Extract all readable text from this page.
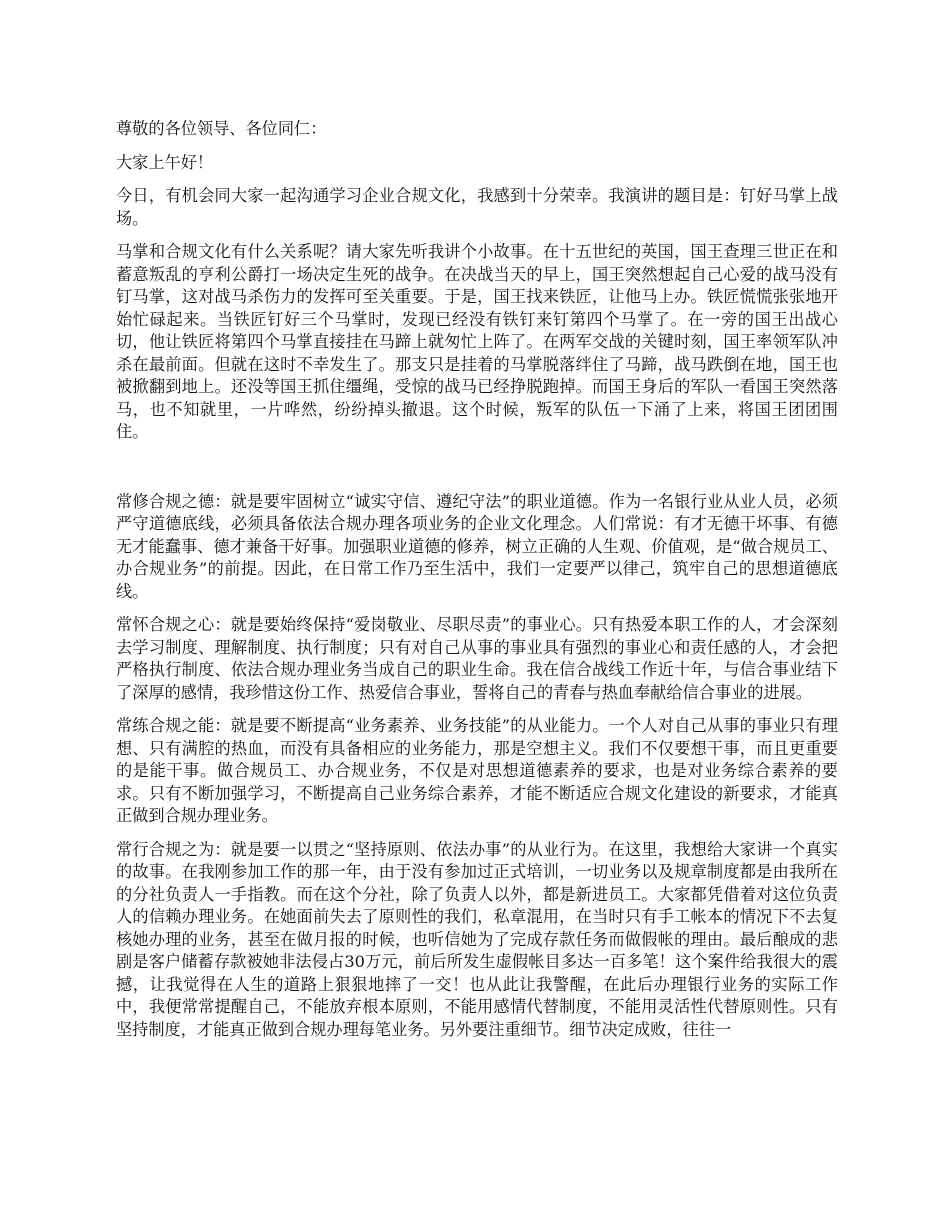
尊敬的各位领导、各位同仁：

大家上午好！

今日，有机会同大家一起沟通学习企业合规文化，我感到十分荣幸。我演讲的题目是：钉好马掌上战场。

马掌和合规文化有什么关系呢？请大家先听我讲个小故事。在十五世纪的英国，国王查理三世正在和蓄意叛乱的亨利公爵打一场决定生死的战争。在决战当天的早上，国王突然想起自己心爱的战马没有钉马掌，这对战马杀伤力的发挥可至关重要。于是，国王找来铁匠，让他马上办。铁匠慌慌张张地开始忙碌起来。当铁匠钉好三个马掌时，发现已经没有铁钉来钉第四个马掌了。在一旁的国王出战心切，他让铁匠将第四个马掌直接挂在马蹄上就匆忙上阵了。在两军交战的关键时刻，国王率领军队冲杀在最前面。但就在这时不幸发生了。那支只是挂着的马掌脱落绊住了马蹄，战马跌倒在地，国王也被掀翻到地上。还没等国王抓住缰绳，受惊的战马已经挣脱跑掉。而国王身后的军队一看国王突然落马，也不知就里，一片哗然，纷纷掉头撤退。这个时候，叛军的队伍一下涌了上来，将国王团团围住。

常修合规之德：就是要牢固树立“诚实守信、遵纪守法”的职业道德。作为一名银行业从业人员，必须严守道德底线，必须具备依法合规办理各项业务的企业文化理念。人们常说：有才无德干坏事、有德无才能蠢事、德才兼备干好事。加强职业道德的修养，树立正确的人生观、价值观，是“做合规员工、办合规业务”的前提。因此，在日常工作乃至生活中，我们一定要严以律己，筑牢自己的思想道德底线。

常怀合规之心：就是要始终保持“爱岗敬业、尽职尽责”的事业心。只有热爱本职工作的人，才会深刻去学习制度、理解制度、执行制度；只有对自己从事的事业具有强烈的事业心和责任感的人，才会把严格执行制度、依法合规办理业务当成自己的职业生命。我在信合战线工作近十年，与信合事业结下了深厚的感情，我珍惜这份工作、热爱信合事业，誓将自己的青春与热血奉献给信合事业的进展。

常练合规之能：就是要不断提高“业务素养、业务技能”的从业能力。一个人对自己从事的事业只有理想、只有满腔的热血，而没有具备相应的业务能力，那是空想主义。我们不仅要想干事，而且更重要的是能干事。做合规员工、办合规业务，不仅是对思想道德素养的要求，也是对业务综合素养的要求。只有不断加强学习，不断提高自己业务综合素养，才能不断适应合规文化建设的新要求，才能真正做到合规办理业务。

常行合规之为：就是要一以贯之“坚持原则、依法办事”的从业行为。在这里，我想给大家讲一个真实的故事。在我刚参加工作的那一年，由于没有参加过正式培训，一切业务以及规章制度都是由我所在的分社负责人一手指教。而在这个分社，除了负责人以外，都是新进员工。大家都凭借着对这位负责人的信赖办理业务。在她面前失去了原则性的我们，私章混用，在当时只有手工帐本的情况下不去复核她办理的业务，甚至在做月报的时候，也听信她为了完成存款任务而做假帐的理由。最后酿成的悲剧是客户储蓄存款被她非法侵占30万元，前后所发生虚假帐目多达一百多笔！这个案件给我很大的震撼，让我觉得在人生的道路上狠狠地摔了一交！也从此让我警醒，在此后办理银行业务的实际工作中，我便常常提醒自己，不能放弃根本原则，不能用感情代替制度，不能用灵活性代替原则性。只有坚持制度，才能真正做到合规办理每笔业务。另外要注重细节。细节决定成败，往往一
